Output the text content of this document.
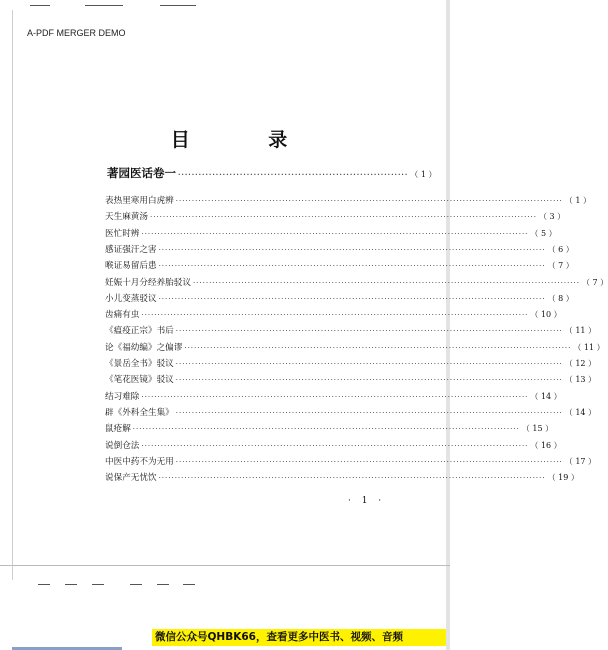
A-PDF MERGER DEMO
目 录
著园医话卷一 ··································································· （ 1 ）
表热里寒用白虎辨 ························································································································ （ 1 ）
天生麻黄汤 ························································································································ （ 3 ）
医忙时辨 ························································································································ （ 5 ）
感证强汗之害 ························································································································ （ 6 ）
喉证易留后患 ························································································································ （ 7 ）
妊娠十月分经养胎驳议 ························································································································ （ 7 ）
小儿变蒸驳议 ························································································································ （ 8 ）
齿痛有虫 ························································································································ （ 10 ）
《瘟疫正宗》书后 ························································································································ （ 11 ）
论《福幼编》之偏谬 ························································································································ （ 11 ）
《景岳全书》驳议 ························································································································ （ 12 ）
《笔花医镜》驳议 ························································································································ （ 13 ）
结习难除 ························································································································ （ 14 ）
辟《外科全生集》 ························································································································ （ 14 ）
鼠疮解 ························································································································ （ 15 ）
说倒仓法 ························································································································ （ 16 ）
中医中药不为无用 ························································································································ （ 17 ）
说保产无忧饮 ························································································································ （ 19 ）
· 1 ·
微信公众号QHBK66，查看更多中医书、视频、音频
